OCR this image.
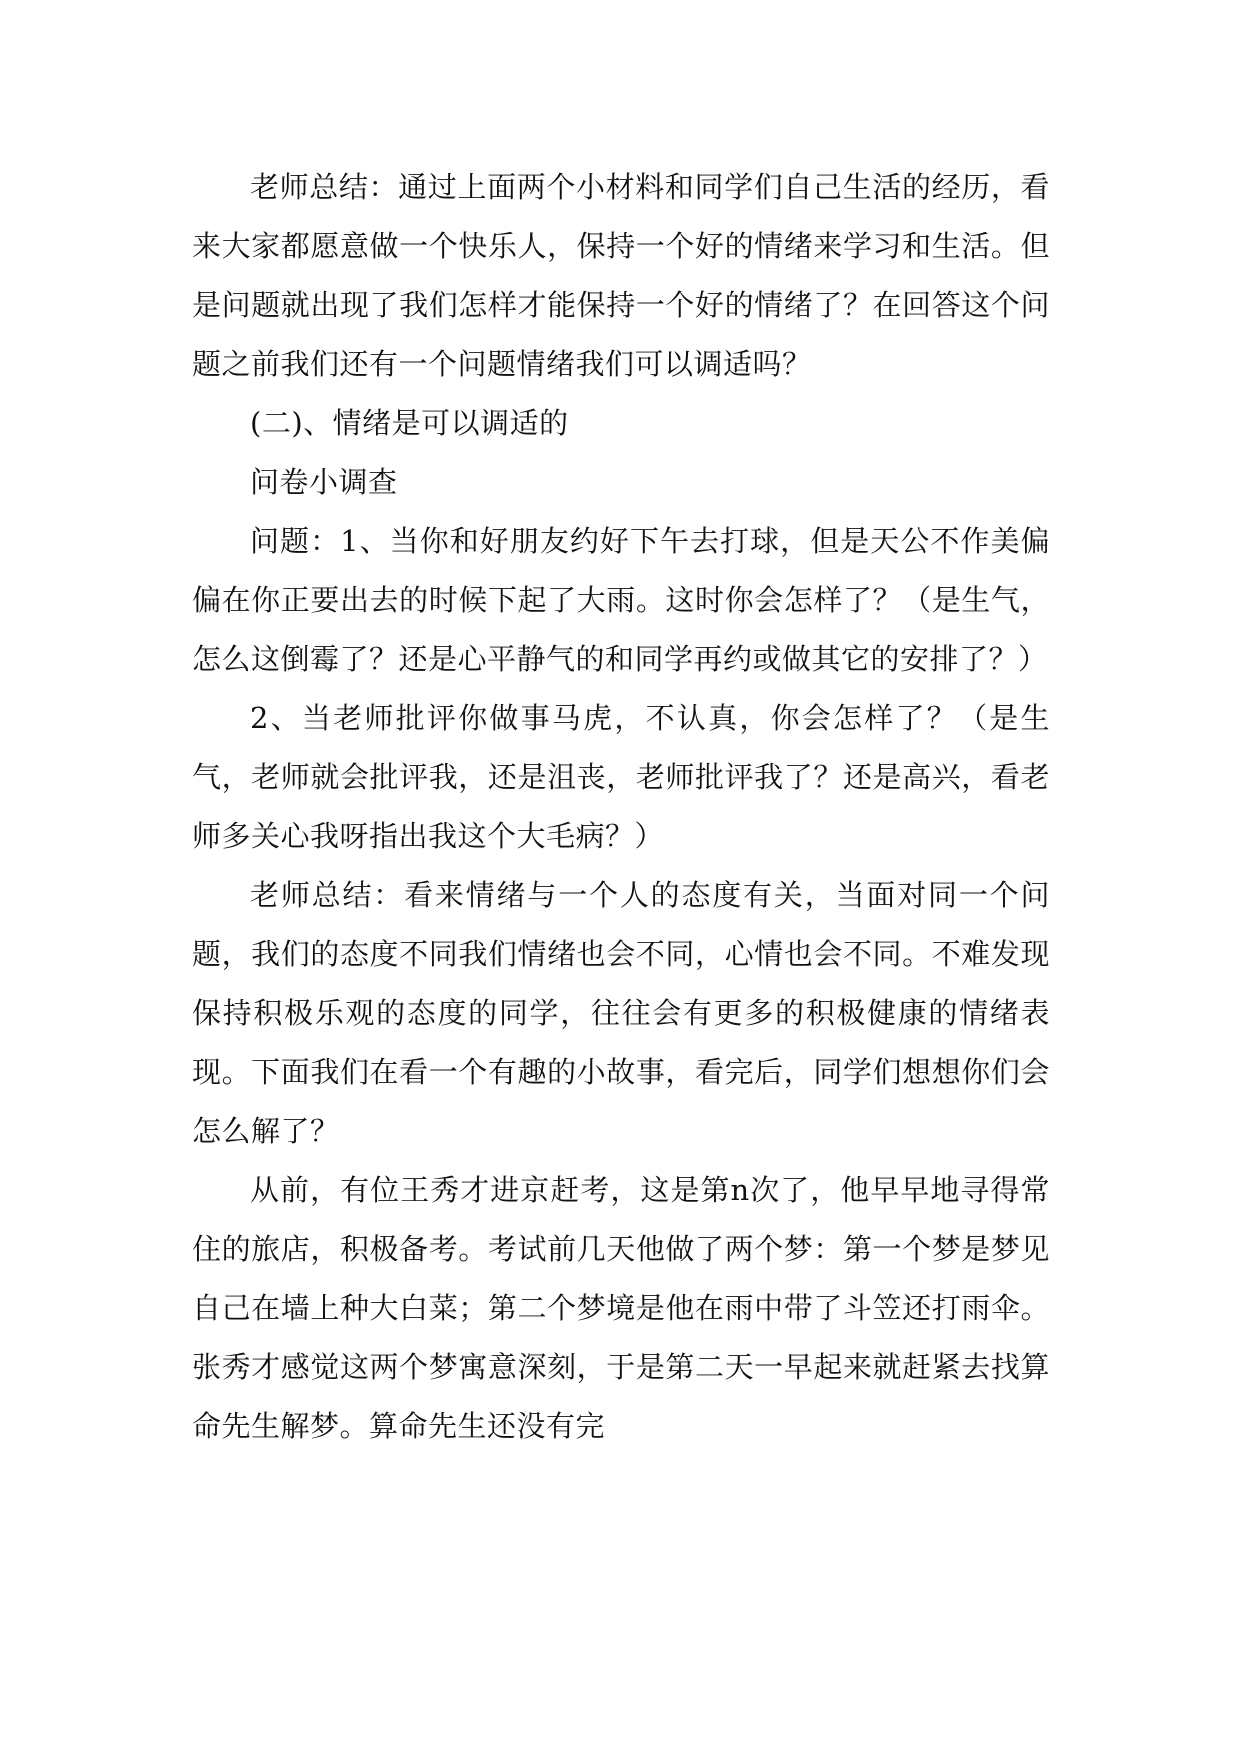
老师总结：通过上面两个小材料和同学们自己生活的经历，看来大家都愿意做一个快乐人，保持一个好的情绪来学习和生活。但是问题就出现了我们怎样才能保持一个好的情绪了？在回答这个问题之前我们还有一个问题情绪我们可以调适吗？

(二)、情绪是可以调适的

问卷小调查

问题：1、当你和好朋友约好下午去打球，但是天公不作美偏偏在你正要出去的时候下起了大雨。这时你会怎样了？（是生气，怎么这倒霉了？还是心平静气的和同学再约或做其它的安排了？）

2、当老师批评你做事马虎，不认真，你会怎样了？（是生气，老师就会批评我，还是沮丧，老师批评我了？还是高兴，看老师多关心我呀指出我这个大毛病？）

老师总结：看来情绪与一个人的态度有关，当面对同一个问题，我们的态度不同我们情绪也会不同，心情也会不同。不难发现保持积极乐观的态度的同学，往往会有更多的积极健康的情绪表现。下面我们在看一个有趣的小故事，看完后，同学们想想你们会怎么解了？

从前，有位王秀才进京赶考，这是第n次了，他早早地寻得常住的旅店，积极备考。考试前几天他做了两个梦：第一个梦是梦见自己在墙上种大白菜；第二个梦境是他在雨中带了斗笠还打雨伞。张秀才感觉这两个梦寓意深刻，于是第二天一早起来就赶紧去找算命先生解梦。算命先生还没有完
